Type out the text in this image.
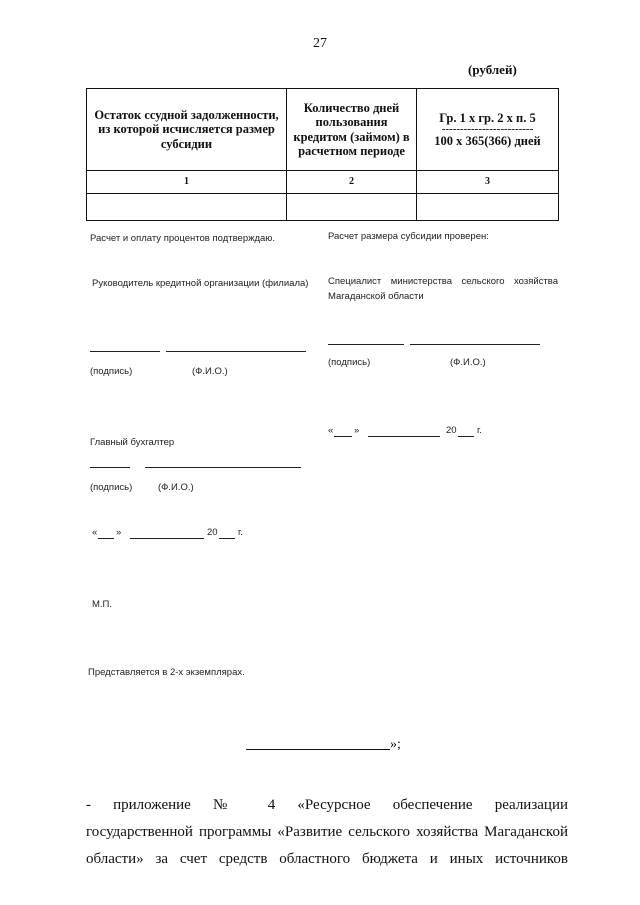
27
(рублей)
Остаток ссудной задолженности, из которой исчисляется размер субсидии	Количество дней пользования кредитом (займом) в расчетном периоде	Гр. 1 х гр. 2 х п. 5
-------------------------
100 х 365(366) дней

1	2	3

Расчет и оплату процентов подтверждаю.
Руководитель кредитной организации (филиала)
(подпись)	(Ф.И.О.)
Главный бухгалтер
(подпись)	(Ф.И.О.)
« »	20 г.
М.П.
Представляется в 2-х экземплярах.
Расчет размера субсидии проверен:
Специалист министерства сельского хозяйства Магаданской области
(подпись)	(Ф.И.О.)
« »	20 г.
»;
- приложение № 4 «Ресурсное обеспечение реализации
государственной программы «Развитие сельского хозяйства Магаданской
области» за счет средств областного бюджета и иных источников
